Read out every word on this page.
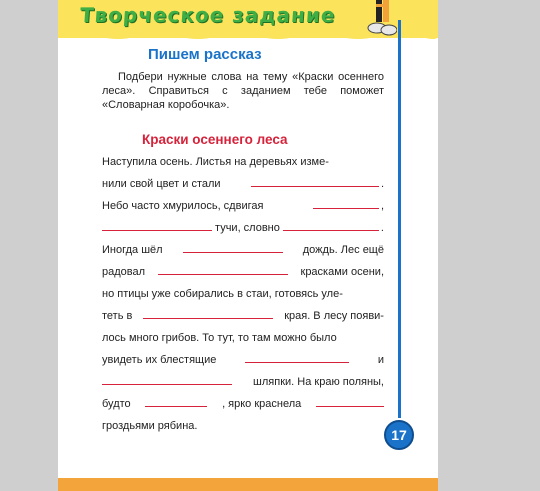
Творческое задание
Пишем рассказ
Подбери нужные слова на тему «Краски осеннего леса». Справиться с заданием тебе поможет «Словарная коробочка».
Краски осеннего леса
Наступила осень. Листья на деревьях изме-
нили свой цвет и стали	.
Небо часто хмурилось, сдвигая	,
тучи, словно	.
Иногда шёл	дождь. Лес ещё
радовал	красками осени,
но птицы уже собирались в стаи, готовясь уле-
теть в	края. В лесу появи-
лось много грибов. То тут, то там можно было
увидеть их блестящие	и
шляпки. На краю поляны,
будто	, ярко краснела
гроздьями рябина.
17
